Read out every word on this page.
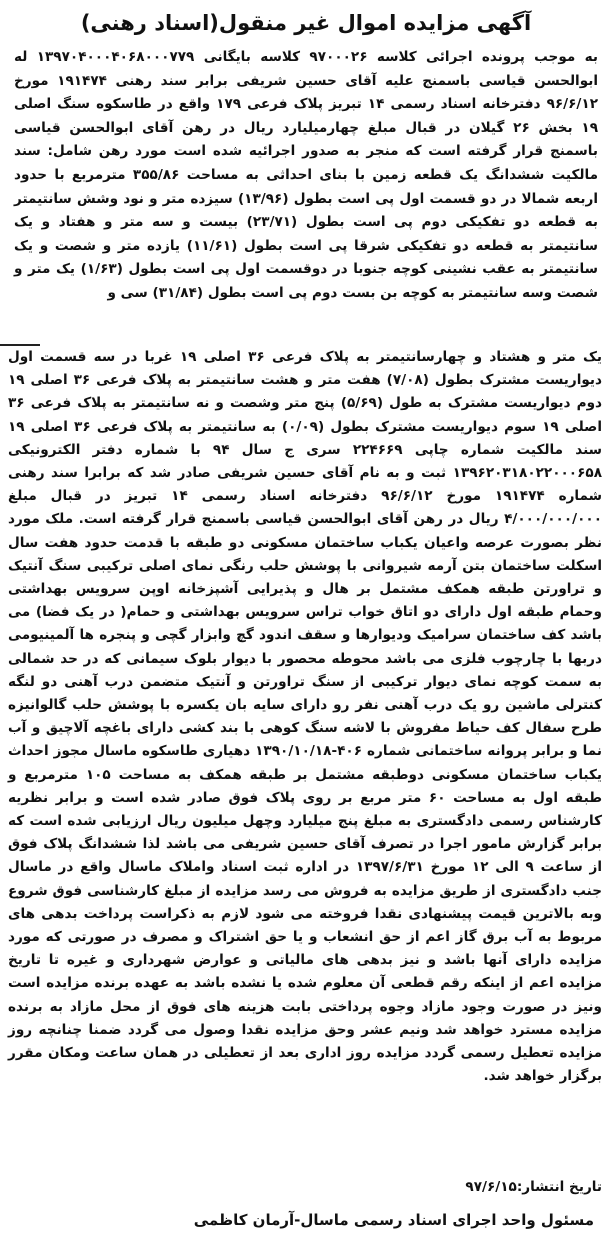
آگهی مزایده اموال غیر منقول(اسناد رهنی)
به موجب پرونده اجرائی کلاسه ۹۷۰۰۰۲۶ کلاسه بایگانی ۱۳۹۷۰۴۰۰۰۴۰۶۸۰۰۰۷۷۹ له ابوالحسن قیاسی باسمنج علیه آقای حسین شریفی برابر سند رهنی ۱۹۱۴۷۴ مورخ ۹۶/۶/۱۲ دفترخانه اسناد رسمی ۱۴ تبریز پلاک فرعی ۱۷۹ واقع در طاسکوه سنگ اصلی ۱۹ بخش ۲۶ گیلان در قبال مبلغ چهارمیلیارد ریال در رهن آقای ابوالحسن قیاسی باسمنج قرار گرفته است که منجر به صدور اجرائیه شده است مورد رهن شامل: سند مالکیت ششدانگ یک قطعه زمین با بنای احداثی به مساحت ۳۵۵/۸۶ مترمربع با حدود اربعه شمالا در دو قسمت اول پی است بطول (۱۳/۹۶) سیزده متر و نود وشش سانتیمتر به قطعه دو تفکیکی دوم پی است بطول (۲۳/۷۱) بیست و سه متر و هفتاد و یک سانتیمتر به قطعه دو تفکیکی شرقا پی است بطول (۱۱/۶۱) یازده متر و شصت و یک سانتیمتر به عقب نشینی کوچه جنوبا در دوقسمت اول پی است بطول (۱/۶۳) یک متر و شصت وسه سانتیمتر به کوچه بن بست دوم پی است بطول (۳۱/۸۴) سی و
یک متر و هشتاد و چهارسانتیمتر به پلاک فرعی ۳۶ اصلی ۱۹ غربا در سه قسمت اول دیواریست مشترک بطول (۷/۰۸) هفت متر و هشت سانتیمتر به پلاک فرعی ۳۶ اصلی ۱۹ دوم دیواریست مشترک به طول (۵/۶۹) پنج متر وشصت و نه سانتیمتر به پلاک فرعی ۳۶ اصلی ۱۹ سوم دیواریست مشترک بطول (۰/۰۹) به سانتیمتر به پلاک فرعی ۳۶ اصلی ۱۹ سند مالکیت شماره چاپی ۲۲۴۶۶۹ سری ج سال ۹۴ با شماره دفتر الکترونیکی ۱۳۹۶۲۰۳۱۸۰۲۲۰۰۰۶۵۸ ثبت و به نام آقای حسین شریفی صادر شد که برابرا سند رهنی شماره ۱۹۱۴۷۴ مورخ ۹۶/۶/۱۲ دفترخانه اسناد رسمی ۱۴ تبریز در قبال مبلغ ۴/۰۰۰/۰۰۰/۰۰۰ ریال در رهن آقای ابوالحسن قیاسی باسمنج قرار گرفته است. ملک مورد نظر بصورت عرصه واعیان یکباب ساختمان مسکونی دو طبقه با قدمت حدود هفت سال اسکلت ساختمان بتن آرمه شیروانی با پوشش حلب رنگی نمای اصلی ترکیبی سنگ آنتیک و تراورتن طبقه همکف مشتمل بر هال و پذیرایی آشپزخانه اوپن سرویس بهداشتی وحمام طبقه اول دارای دو اتاق خواب تراس سرویس بهداشتی و حمام( در یک فضا) می باشد کف ساختمان سرامیک ودیوارها و سقف اندود گچ وابزار گچی و پنجره ها آلمینیومی دربها با چارچوب فلزی می باشد محوطه محصور با دیوار بلوک سیمانی که در حد شمالی به سمت کوچه نمای دیوار ترکیبی از سنگ تراورتن و آنتیک متضمن درب آهنی دو لنگه کنترلی ماشین رو یک درب آهنی نفر رو دارای سایه بان یکسره با پوشش حلب گالوانیزه طرح سفال کف حیاط مفروش با لاشه سنگ کوهی با بند کشی دارای باغچه آلاچیق و آب نما و برابر پروانه ساختمانی شماره ۴۰۶-۱۳۹۰/۱۰/۱۸ دهیاری طاسکوه ماسال مجوز احداث یکباب ساختمان مسکونی دوطبقه مشتمل بر طبقه همکف به مساحت ۱۰۵ مترمربع و طبقه اول به مساحت ۶۰ متر مربع بر روی پلاک فوق صادر شده است و برابر نظریه کارشناس رسمی دادگستری به مبلغ پنج میلیارد وچهل میلیون ریال ارزیابی شده است که برابر گزارش مامور اجرا در تصرف آقای حسین شریفی می باشد لذا ششدانگ پلاک فوق از ساعت ۹ الی ۱۲ مورخ ۱۳۹۷/۶/۳۱ در اداره ثبت اسناد واملاک ماسال واقع در ماسال جنب دادگستری از طریق مزایده به فروش می رسد مزایده از مبلغ کارشناسی فوق شروع وبه بالاترین قیمت پیشنهادی نقدا فروخته می شود لازم به ذکراست پرداخت بدهی های مربوط به آب برق گاز اعم از حق انشعاب و یا حق اشتراک و مصرف در صورتی که مورد مزایده دارای آنها باشد و نیز بدهی های مالیاتی و عوارض شهرداری و غیره تا تاریخ مزایده اعم از اینکه رقم قطعی آن معلوم شده یا نشده باشد به عهده برنده مزایده است ونیز در صورت وجود مازاد وجوه پرداختی بابت هزینه های فوق از محل مازاد به برنده مزایده مسترد خواهد شد ونیم عشر وحق مزایده نقدا وصول می گردد ضمنا چنانچه روز مزایده تعطیل رسمی گردد مزایده روز اداری بعد از تعطیلی در همان ساعت ومکان مقرر برگزار خواهد شد.
تاریخ انتشار:۹۷/۶/۱۵
مسئول واحد اجرای اسناد رسمی ماسال-آرمان کاظمی
